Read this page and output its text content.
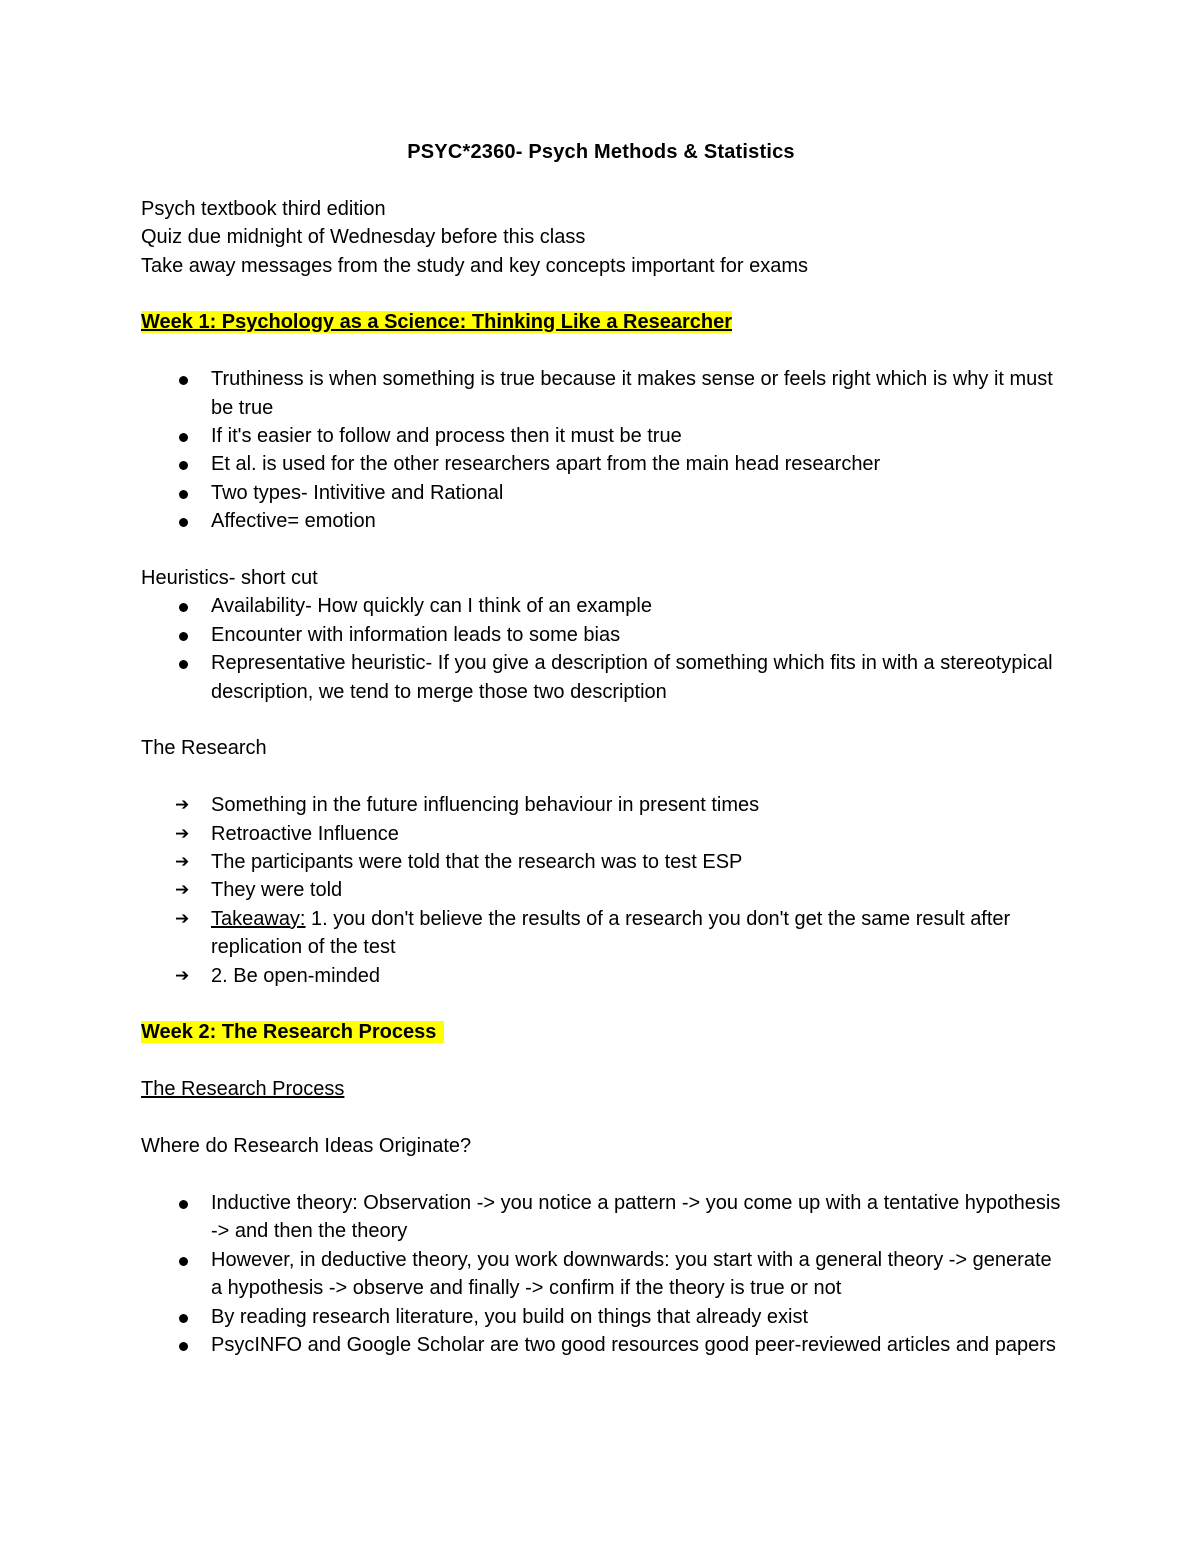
PSYC*2360- Psych Methods & Statistics

Psych textbook third edition

Quiz due midnight of Wednesday before this class

Take away messages from the study and key concepts important for exams

Week 1: Psychology as a Science: Thinking Like a Researcher

Truthiness is when something is true because it makes sense or feels right which is why it must be true
If it's easier to follow and process then it must be true
Et al. is used for the other researchers apart from the main head researcher
Two types- Intivitive and Rational
Affective= emotion

Heuristics- short cut

Availability- How quickly can I think of an example
Encounter with information leads to some bias
Representative heuristic- If you give a description of something which fits in with a stereotypical description, we tend to merge those two description

The Research

➔ Something in the future influencing behaviour in present times
➔ Retroactive Influence
➔ The participants were told that the research was to test ESP
➔ They were told
➔ Takeaway: 1. you don't believe the results of a research you don't get the same result after replication of the test
➔ 2. Be open-minded

Week 2: The Research Process

The Research Process

Where do Research Ideas Originate?

Inductive theory: Observation -> you notice a pattern -> you come up with a tentative hypothesis -> and then the theory
However, in deductive theory, you work downwards: you start with a general theory -> generate a hypothesis -> observe and finally -> confirm if the theory is true or not
By reading research literature, you build on things that already exist
PsycINFO and Google Scholar are two good resources good peer-reviewed articles and papers
